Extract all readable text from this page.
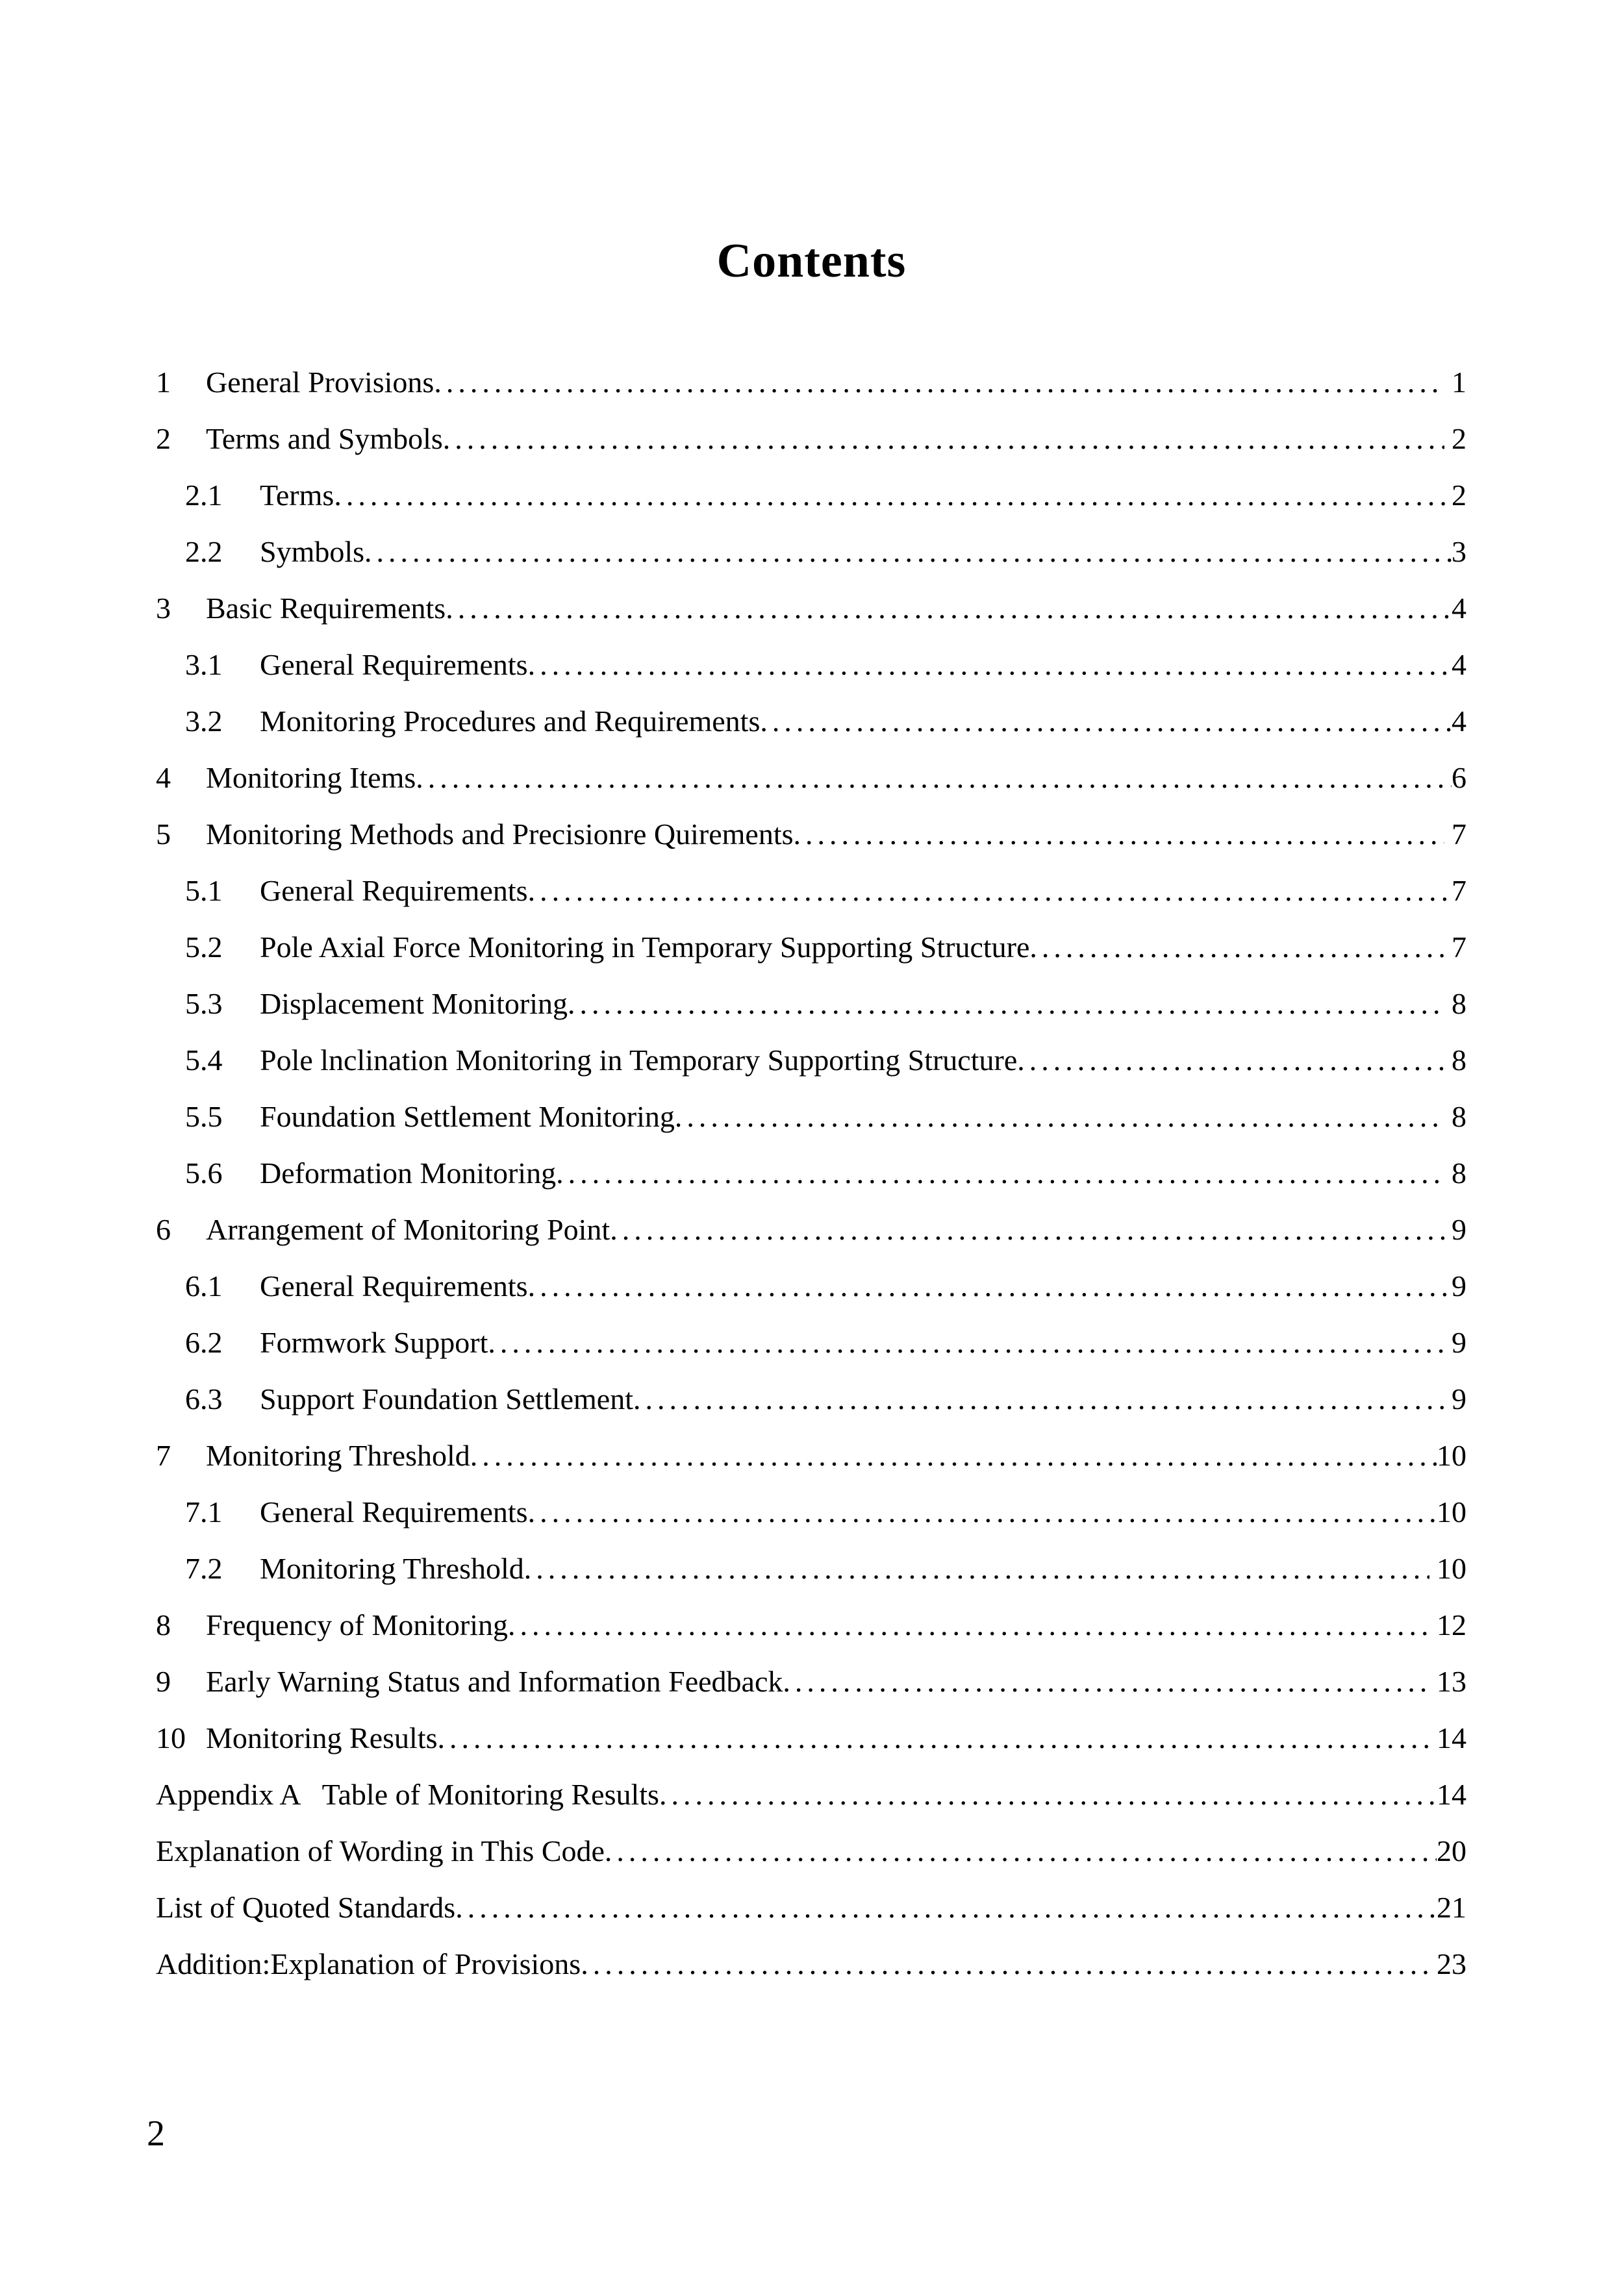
Contents
1	General Provisions .....	1
2	Terms and Symbols .....	2
2.1	Terms .....	2
2.2	Symbols .....	3
3	Basic Requirements .....	4
3.1	General Requirements .....	4
3.2	Monitoring Procedures and Requirements .....	4
4	Monitoring Items .....	6
5	Monitoring Methods and Precisionre Quirements .....	7
5.1	General Requirements .....	7
5.2	Pole Axial Force Monitoring in Temporary Supporting Structure .....	7
5.3	Displacement Monitoring .....	8
5.4	Pole lnclination Monitoring in Temporary Supporting Structure .....	8
5.5	Foundation Settlement Monitoring .....	8
5.6	Deformation Monitoring .....	8
6	Arrangement of Monitoring Point .....	9
6.1	General Requirements .....	9
6.2	Formwork Support .....	9
6.3	Support Foundation Settlement .....	9
7	Monitoring Threshold .....	10
7.1	General Requirements .....	10
7.2	Monitoring Threshold .....	10
8	Frequency of Monitoring .....	12
9	Early Warning Status and Information Feedback .....	13
10 Monitoring Results .....	14
Appendix A Table of Monitoring Results .....	14
Explanation of Wording in This Code .....	20
List of Quoted Standards .....	21
Addition:Explanation of Provisions .....	23
2
